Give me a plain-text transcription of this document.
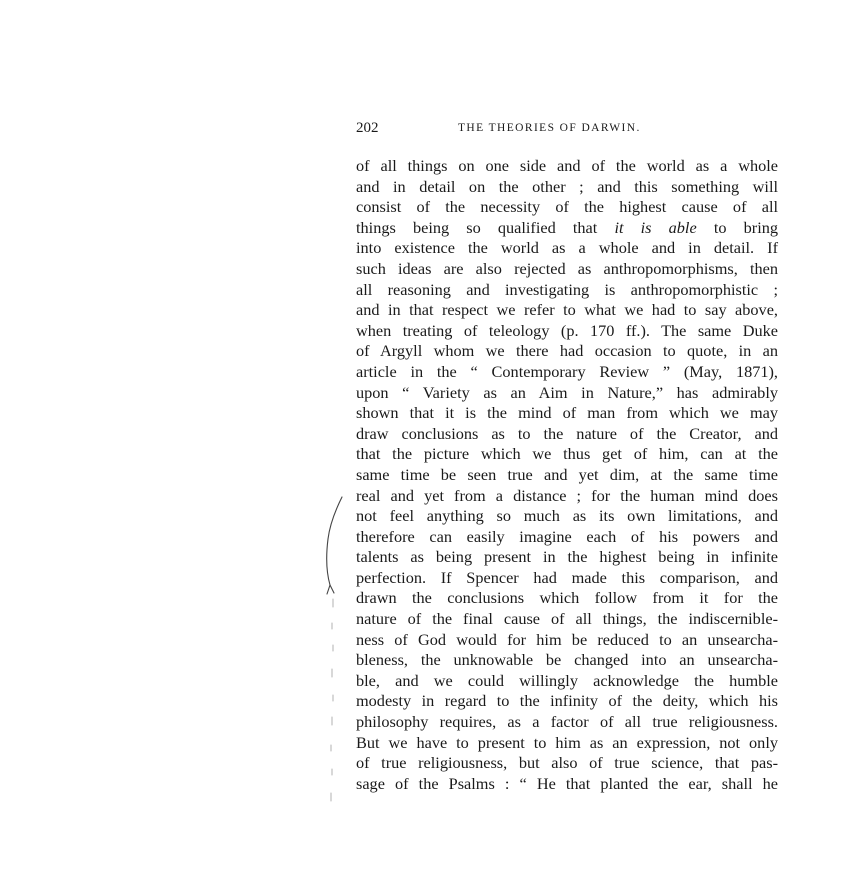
202	THE THEORIES OF DARWIN.
of all things on one side and of the world as a whole
and in detail on the other ; and this something will
consist of the necessity of the highest cause of all
things being so qualified that it is able to bring
into existence the world as a whole and in detail. If
such ideas are also rejected as anthropomorphisms, then
all reasoning and investigating is anthropomorphistic ;
and in that respect we refer to what we had to say above,
when treating of teleology (p. 170 ff.). The same Duke
of Argyll whom we there had occasion to quote, in an
article in the “ Contemporary Review ” (May, 1871),
upon “ Variety as an Aim in Nature,” has admirably
shown that it is the mind of man from which we may
draw conclusions as to the nature of the Creator, and
that the picture which we thus get of him, can at the
same time be seen true and yet dim, at the same time
real and yet from a distance ; for the human mind does
not feel anything so much as its own limitations, and
therefore can easily imagine each of his powers and
talents as being present in the highest being in infinite
perfection. If Spencer had made this comparison, and
drawn the conclusions which follow from it for the
nature of the final cause of all things, the indiscernible-
ness of God would for him be reduced to an unsearcha-
bleness, the unknowable be changed into an unsearcha-
ble, and we could willingly acknowledge the humble
modesty in regard to the infinity of the deity, which his
philosophy requires, as a factor of all true religiousness.
But we have to present to him as an expression, not only
of true religiousness, but also of true science, that pas-
sage of the Psalms : “ He that planted the ear, shall he
